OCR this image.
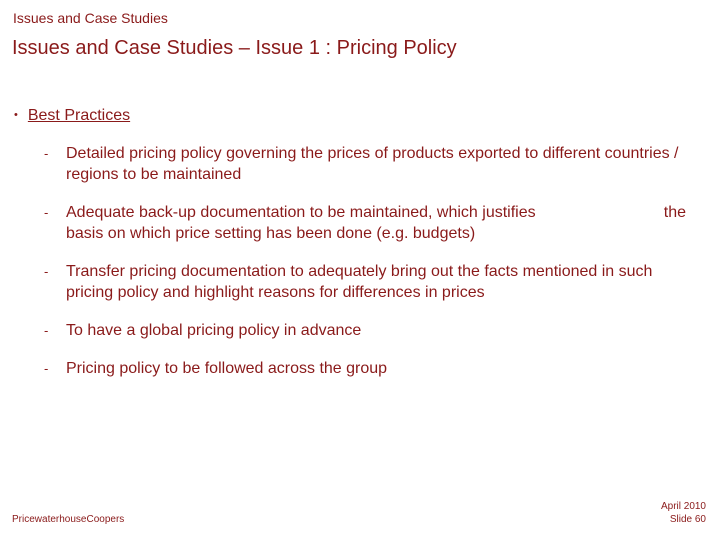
Issues and Case Studies
Issues and Case Studies – Issue 1 : Pricing Policy
• Best Practices
-	Detailed pricing policy governing the prices of products exported to different countries / regions to be maintained
-	Adequate back-up documentation to be maintained, which justifies	the
basis on which price setting has been done (e.g. budgets)
-	Transfer pricing documentation to adequately bring out the facts mentioned in such pricing policy and highlight reasons for differences in prices
-	To have a global pricing policy in advance
-	Pricing policy to be followed across the group
PricewaterhouseCoopers
April 2010
Slide 60
